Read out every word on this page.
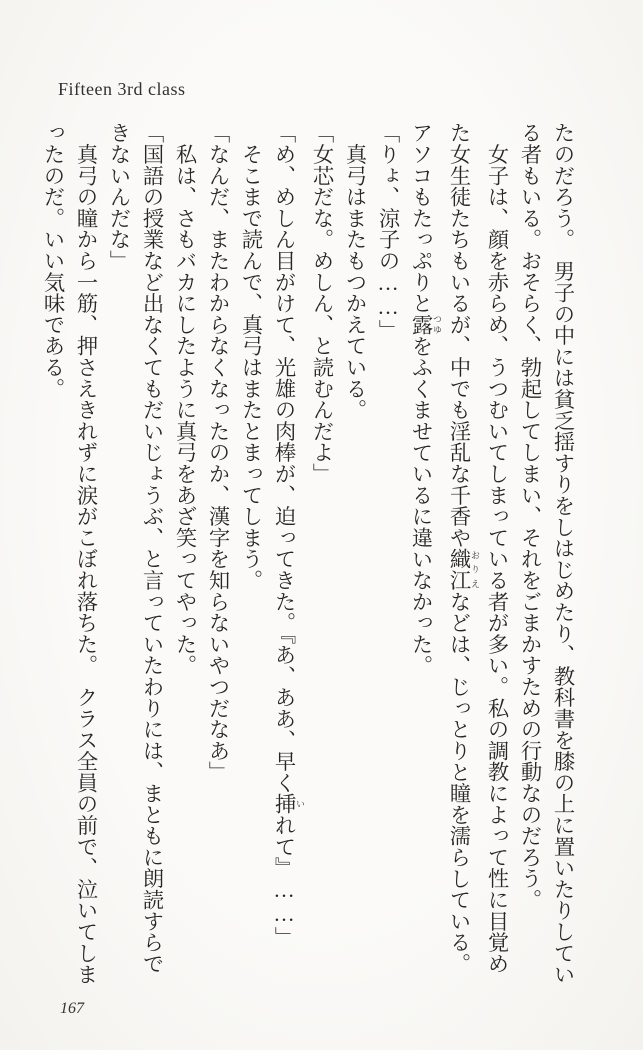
Fifteen 3rd class

たのだろう。　男子の中には貧乏揺すりをしはじめたり、教科書を膝の上に置いたりしてい

る者もいる。おそらく、勃起してしまい、それをごまかすための行動なのだろう。

　女子は、顔を赤らめ、うつむいてしまっている者が多い。私の調教によって性に目覚め

た女生徒たちもいるが、中でも淫乱な千香や織江 おりえなどは、じっとりと瞳を濡らしている。

アソコもたっぷりと露 つゆをふくませているに違いなかった。

「りょ、涼子の……」

　真弓はまたもつかえている。

「女芯だな。めしん、と読むんだよ」

「め、めしん目がけて、光雄の肉棒が、迫ってきた。『あ、ああ、早く挿 いれて』……」

　そこまで読んで、真弓はまたとまってしまう。

「なんだ、またわからなくなったのか、漢字を知らないやつだなあ」

　私は、さもバカにしたように真弓をあざ笑ってやった。

「国語の授業など出なくてもだいじょうぶ、と言っていたわりには、まともに朗読すらで

きないんだな」

　真弓の瞳から一筋、押さえきれずに涙がこぼれ落ちた。　クラス全員の前で、泣いてしま

ったのだ。いい気味である。

167
